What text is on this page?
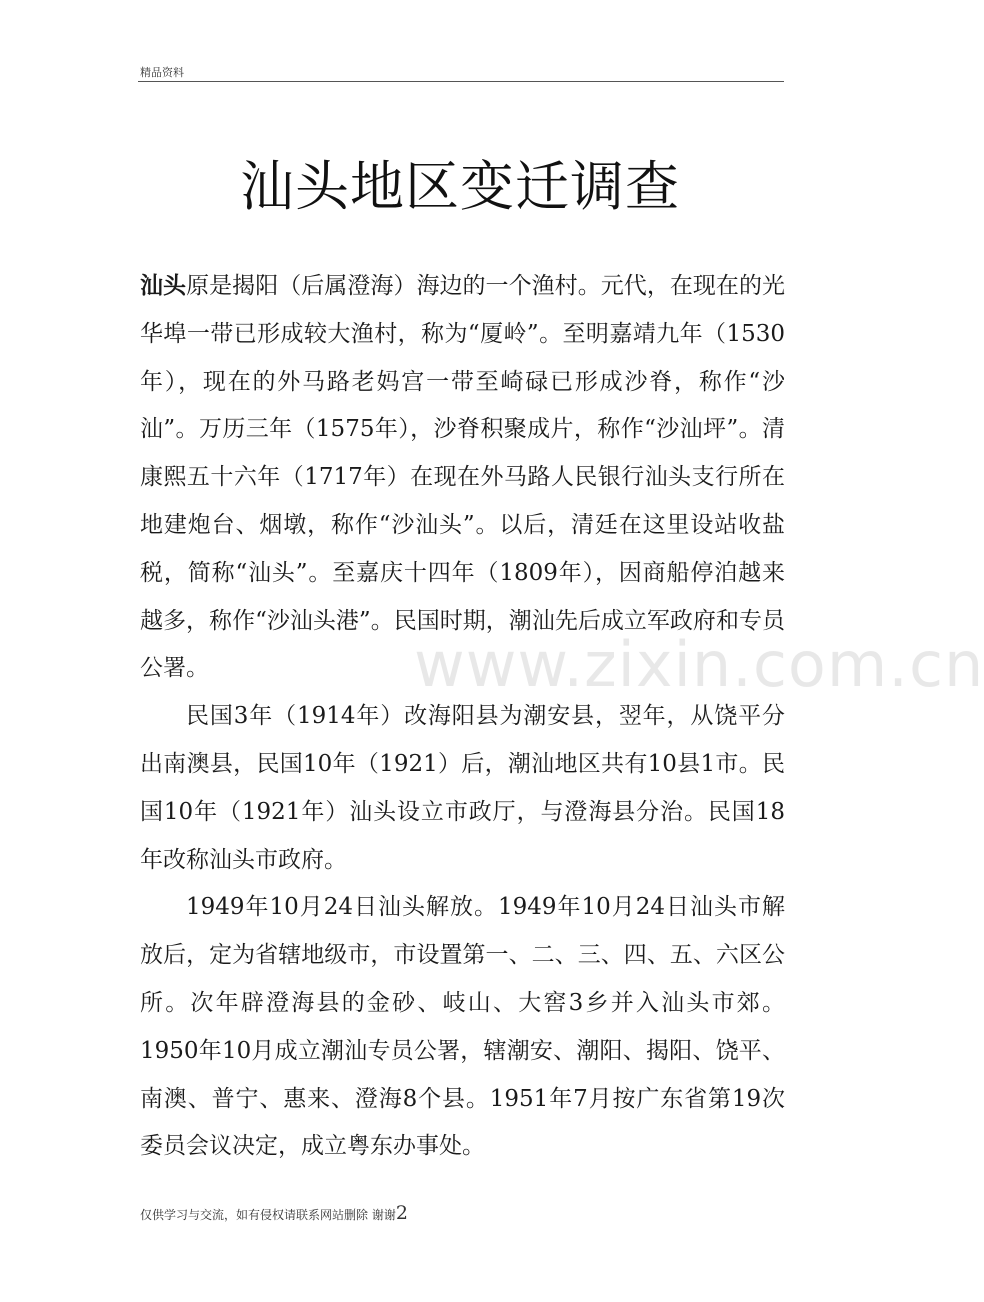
精品资料
汕头地区变迁调查

汕头原是揭阳（后属澄海）海边的一个渔村。元代，在现在的光华埠一带已形成较大渔村，称为“厦岭”。至明嘉靖九年（1530年），现在的外马路老妈宫一带至崎碌已形成沙脊，称作“沙汕”。万历三年（1575年），沙脊积聚成片，称作“沙汕坪”。清康熙五十六年（1717年）在现在外马路人民银行汕头支行所在地建炮台、烟墩，称作“沙汕头”。以后，清廷在这里设站收盐税，简称“汕头”。至嘉庆十四年（1809年），因商船停泊越来越多，称作“沙汕头港”。民国时期，潮汕先后成立军政府和专员公署。

民国3年（1914年）改海阳县为潮安县，翌年，从饶平分出南澳县，民国10年（1921）后，潮汕地区共有10县1市。民国10年（1921年）汕头设立市政厅，与澄海县分治。民国18年改称汕头市政府。

1949年10月24日汕头解放。1949年10月24日汕头市解放后，定为省辖地级市，市设置第一、二、三、四、五、六区公所。次年辟澄海县的金砂、岐山、大窖3乡并入汕头市郊。1950年10月成立潮汕专员公署，辖潮安、潮阳、揭阳、饶平、南澳、普宁、惠来、澄海8个县。1951年7月按广东省第19次委员会议决定，成立粤东办事处。

www.zixin.com.cn
仅供学习与交流，如有侵权请联系网站删除 谢谢2
